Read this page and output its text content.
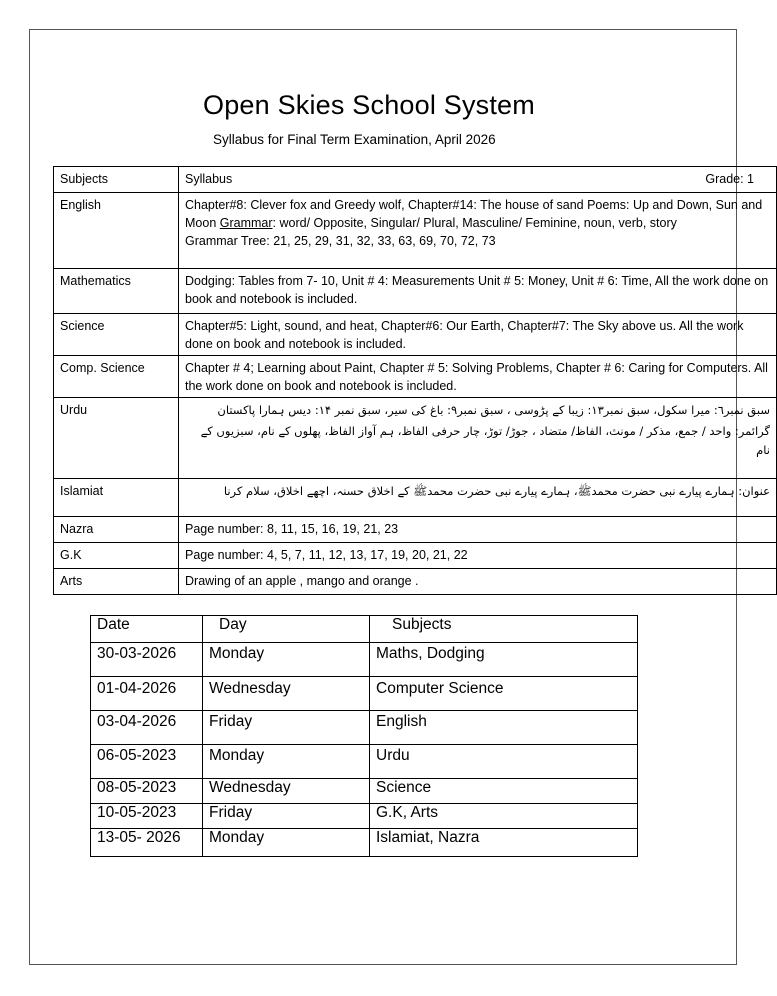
Open Skies School System
Syllabus for Final Term Examination, April 2026
Subjects	Syllabus Grade: 1

English	Chapter#8: Clever fox and Greedy wolf, Chapter#14: The house of sand Poems: Up and Down, Sun and Moon Grammar: word/ Opposite, Singular/ Plural, Masculine/ Feminine, noun, verb, story
Grammar Tree: 21, 25, 29, 31, 32, 33, 63, 69, 70, 72, 73
Mathematics	Dodging: Tables from 7- 10, Unit # 4: Measurements Unit # 5: Money, Unit # 6: Time, All the work done on book and notebook is included.
Science	Chapter#5: Light, sound, and heat, Chapter#6: Our Earth, Chapter#7: The Sky above us. All the work done on book and notebook is included.
Comp. Science	Chapter # 4; Learning about Paint, Chapter # 5: Solving Problems, Chapter # 6: Caring for Computers. All the work done on book and notebook is included.
Urdu	سبق نمبر٦: میرا سکول، سبق نمبر١٣: زیبا کے پڑوسی ، سبق نمبر٩: باغ کی سیر، سبق نمبر ١۴: دیس ہمارا پاکستان
گرائمر: واحد / جمع، مذکر / مونث، الفاظ/ متضاد ، جوڑ/ توڑ، چار حرفی الفاظ، ہم آواز الفاظ، پھلوں کے نام، سبزیوں کے نام

Islamiat	عنوان: ہمارے پیارے نبی حضرت محمدﷺ، ہمارے پیارے نبی حضرت محمدﷺ کے اخلاق حسنہ، اچھے اخلاق، سلام کرنا
Nazra	Page number: 8, 11, 15, 16, 19, 21, 23
G.K	Page number: 4, 5, 7, 11, 12, 13, 17, 19, 20, 21, 22
Arts	Drawing of an apple , mango and orange .
Date	Day	Subjects
30-03-2026	Monday	Maths, Dodging
01-04-2026	Wednesday	Computer Science
03-04-2026	Friday	English
06-05-2023	Monday	Urdu
08-05-2023	Wednesday	Science
10-05-2023	Friday	G.K, Arts
13-05- 2026	Monday	Islamiat, Nazra
